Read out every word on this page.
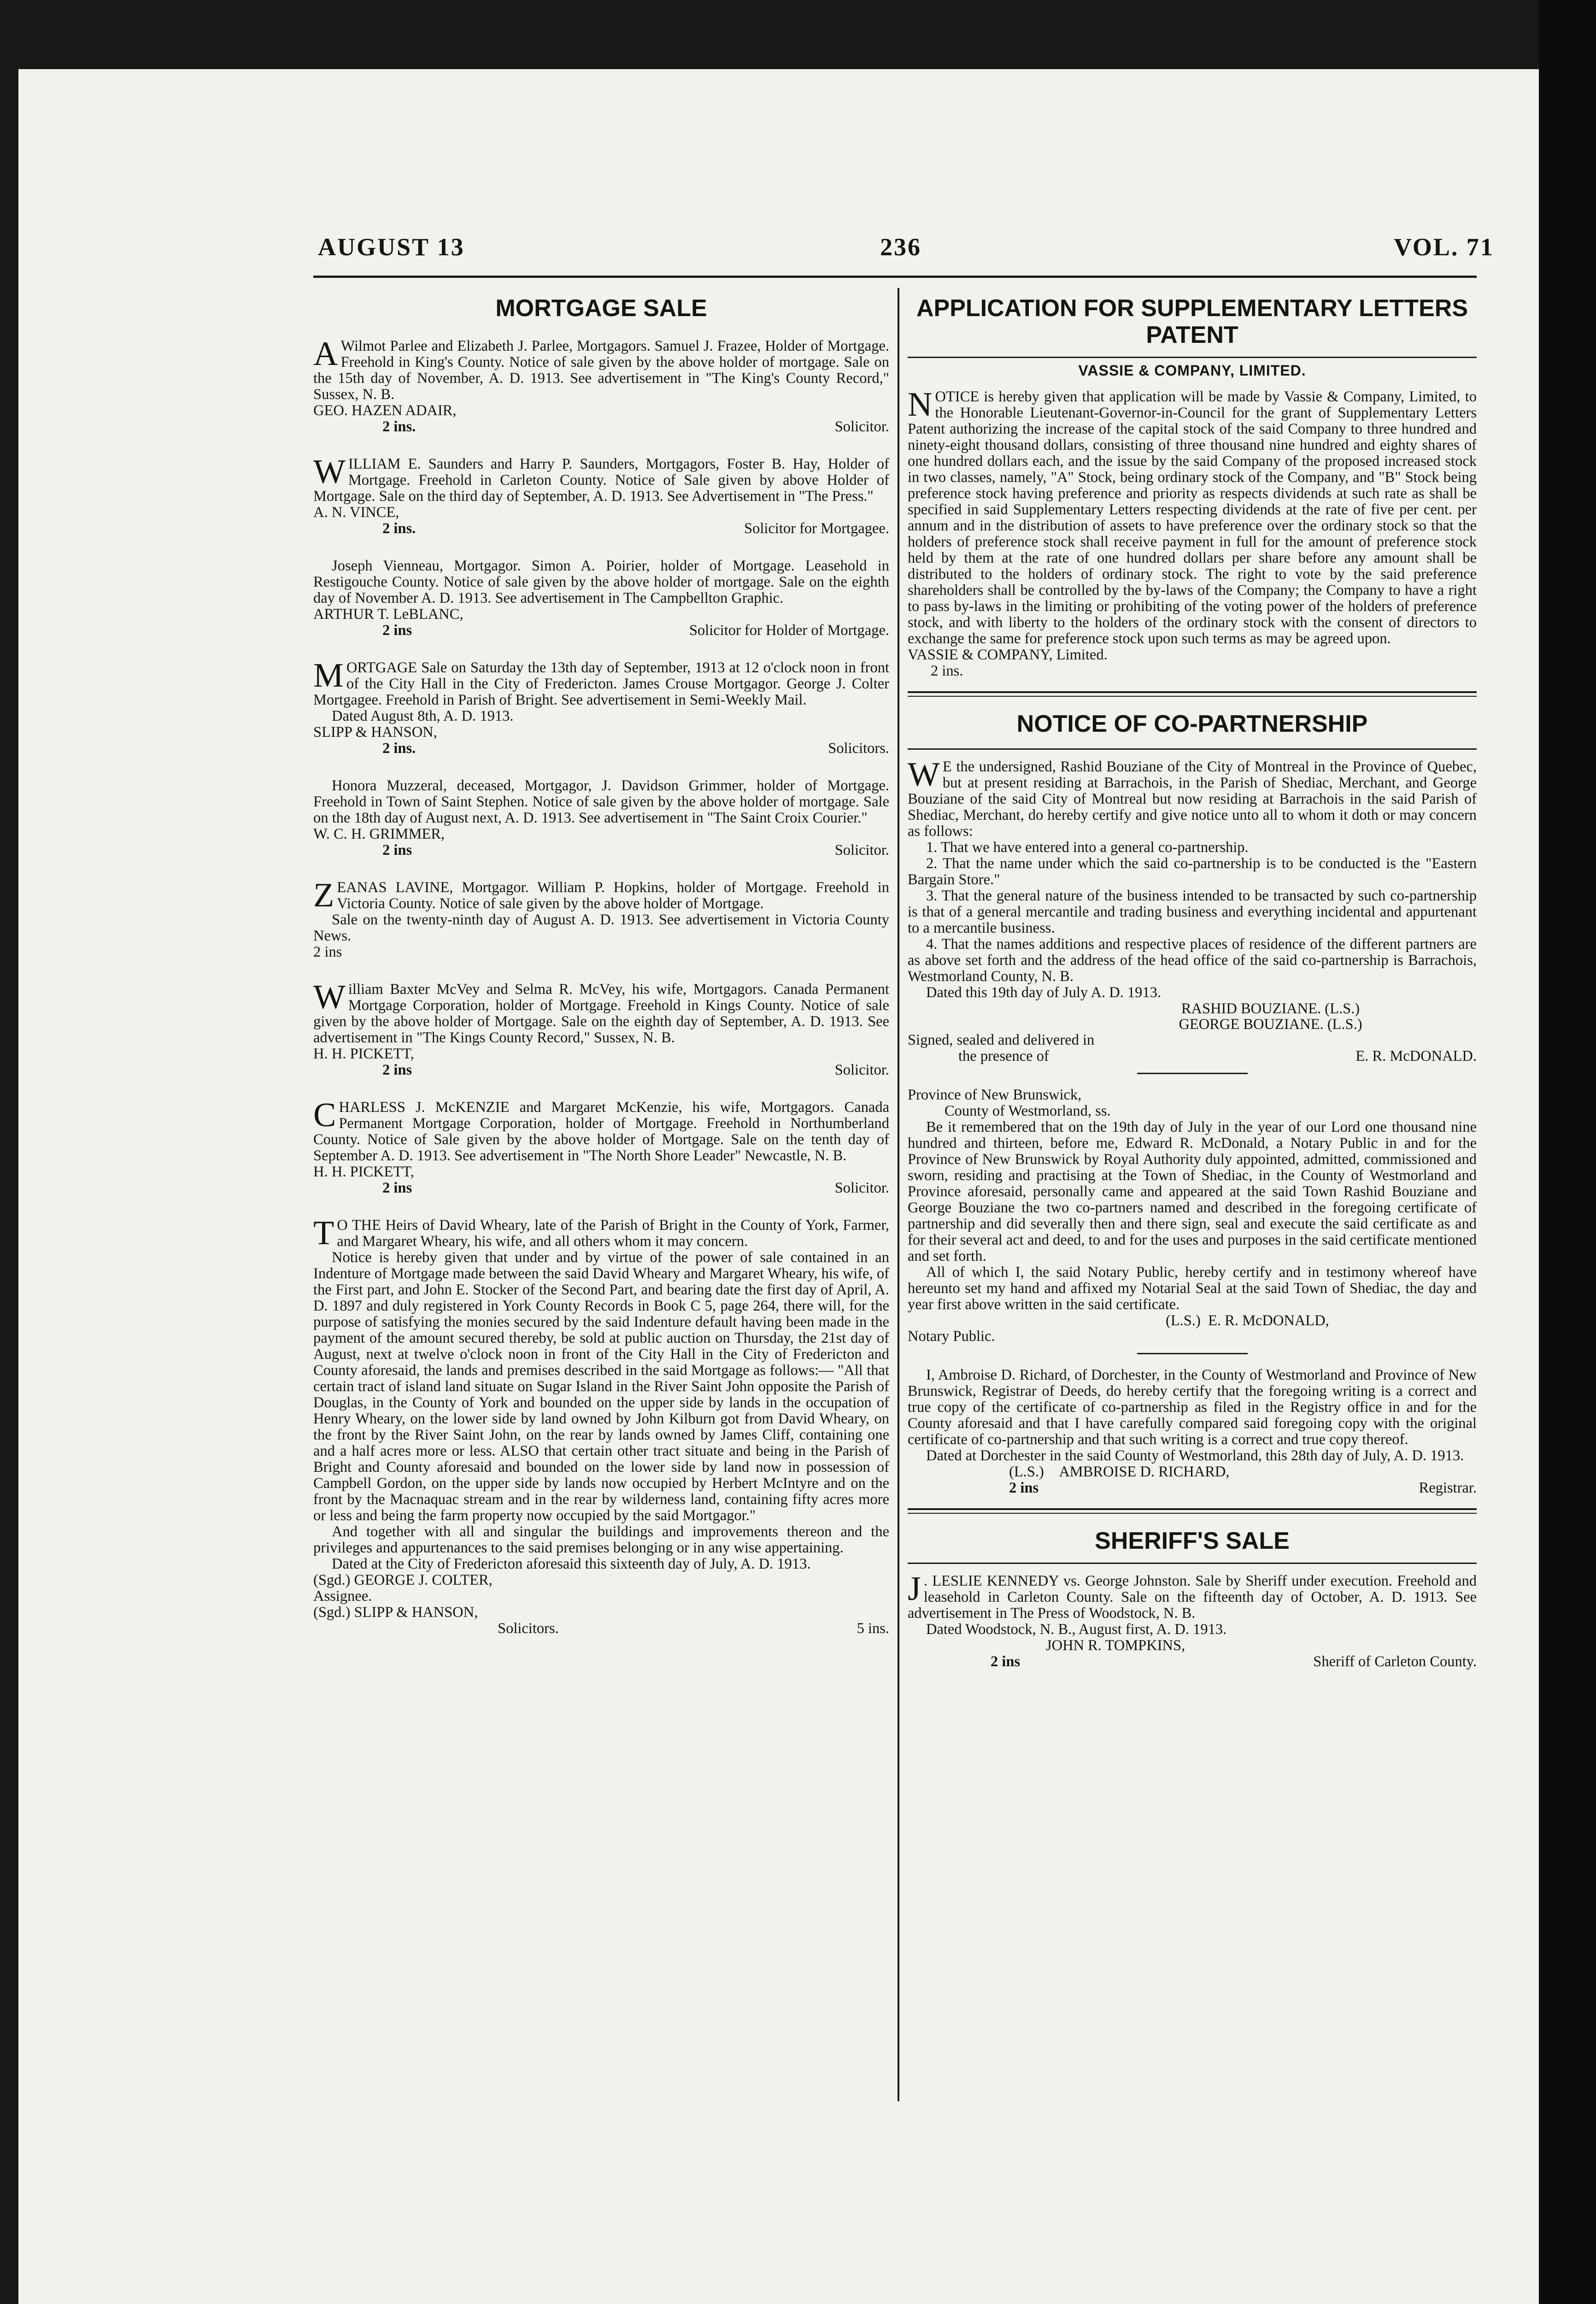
AUGUST 13	236	VOL. 71
MORTGAGE SALE

A Wilmot Parlee and Elizabeth J. Parlee, Mortgagors. Samuel J. Frazee, Holder of Mortgage. Freehold in King's County. Notice of sale given by the above holder of mortgage. Sale on the 15th day of November, A. D. 1913. See advertisement in "The King's County Record," Sussex, N. B.

GEO. HAZEN ADAIR,

2 ins.	Solicitor.

WILLIAM E. Saunders and Harry P. Saunders, Mortgagors, Foster B. Hay, Holder of Mortgage. Freehold in Carleton County. Notice of Sale given by above Holder of Mortgage. Sale on the third day of September, A. D. 1913. See Advertisement in "The Press."

A. N. VINCE,

2 ins.	Solicitor for Mortgagee.

Joseph Vienneau, Mortgagor. Simon A. Poirier, holder of Mortgage. Leasehold in Restigouche County. Notice of sale given by the above holder of mortgage. Sale on the eighth day of November A. D. 1913. See advertisement in The Campbellton Graphic.

ARTHUR T. LeBLANC,

2 ins	Solicitor for Holder of Mortgage.

MORTGAGE Sale on Saturday the 13th day of September, 1913 at 12 o'clock noon in front of the City Hall in the City of Fredericton. James Crouse Mortgagor. George J. Colter Mortgagee. Freehold in Parish of Bright. See advertisement in Semi-Weekly Mail.

Dated August 8th, A. D. 1913.

SLIPP & HANSON,

2 ins.	Solicitors.

Honora Muzzeral, deceased, Mortgagor, J. Davidson Grimmer, holder of Mortgage. Freehold in Town of Saint Stephen. Notice of sale given by the above holder of mortgage. Sale on the 18th day of August next, A. D. 1913. See advertisement in "The Saint Croix Courier."

W. C. H. GRIMMER,

2 ins	Solicitor.

ZEANAS LAVINE, Mortgagor. William P. Hopkins, holder of Mortgage. Freehold in Victoria County. Notice of sale given by the above holder of Mortgage.

Sale on the twenty-ninth day of August A. D. 1913. See advertisement in Victoria County News.

2 ins

William Baxter McVey and Selma R. McVey, his wife, Mortgagors. Canada Permanent Mortgage Corporation, holder of Mortgage. Freehold in Kings County. Notice of sale given by the above holder of Mortgage. Sale on the eighth day of September, A. D. 1913. See advertisement in "The Kings County Record," Sussex, N. B.

H. H. PICKETT,

2 ins	Solicitor.

CHARLESS J. McKENZIE and Margaret McKenzie, his wife, Mortgagors. Canada Permanent Mortgage Corporation, holder of Mortgage. Freehold in Northumberland County. Notice of Sale given by the above holder of Mortgage. Sale on the tenth day of September A. D. 1913. See advertisement in "The North Shore Leader" Newcastle, N. B.

H. H. PICKETT,

2 ins	Solicitor.

T O THE Heirs of David Wheary, late of the Parish of Bright in the County of York, Farmer, and Margaret Wheary, his wife, and all others whom it may concern.

Notice is hereby given that under and by virtue of the power of sale contained in an Indenture of Mortgage made between the said David Wheary and Margaret Wheary, his wife, of the First part, and John E. Stocker of the Second Part, and bearing date the first day of April, A. D. 1897 and duly registered in York County Records in Book C 5, page 264, there will, for the purpose of satisfying the monies secured by the said Indenture default having been made in the payment of the amount secured thereby, be sold at public auction on Thursday, the 21st day of August, next at twelve o'clock noon in front of the City Hall in the City of Fredericton and County aforesaid, the lands and premises described in the said Mortgage as follows:— "All that certain tract of island land situate on Sugar Island in the River Saint John opposite the Parish of Douglas, in the County of York and bounded on the upper side by lands in the occupation of Henry Wheary, on the lower side by land owned by John Kilburn got from David Wheary, on the front by the River Saint John, on the rear by lands owned by James Cliff, containing one and a half acres more or less. ALSO that certain other tract situate and being in the Parish of Bright and County aforesaid and bounded on the lower side by land now in possession of Campbell Gordon, on the upper side by lands now occupied by Herbert McIntyre and on the front by the Macnaquac stream and in the rear by wilderness land, containing fifty acres more or less and being the farm property now occupied by the said Mortgagor."

And together with all and singular the buildings and improvements thereon and the privileges and appurtenances to the said premises belonging or in any wise appertaining.

Dated at the City of Fredericton aforesaid this sixteenth day of July, A. D. 1913.

(Sgd.) GEORGE J. COLTER,

Assignee.

(Sgd.) SLIPP & HANSON,

Solicitors.	5 ins.
APPLICATION FOR SUPPLEMENTARY LETTERS PATENT
VASSIE & COMPANY, LIMITED.

NOTICE is hereby given that application will be made by Vassie & Company, Limited, to the Honorable Lieutenant-Governor-in-Council for the grant of Supplementary Letters Patent authorizing the increase of the capital stock of the said Company to three hundred and ninety-eight thousand dollars, consisting of three thousand nine hundred and eighty shares of one hundred dollars each, and the issue by the said Company of the proposed increased stock in two classes, namely, "A" Stock, being ordinary stock of the Company, and "B" Stock being preference stock having preference and priority as respects dividends at such rate as shall be specified in said Supplementary Letters respecting dividends at the rate of five per cent. per annum and in the distribution of assets to have preference over the ordinary stock so that the holders of preference stock shall receive payment in full for the amount of preference stock held by them at the rate of one hundred dollars per share before any amount shall be distributed to the holders of ordinary stock. The right to vote by the said preference shareholders shall be controlled by the by-laws of the Company; the Company to have a right to pass by-laws in the limiting or prohibiting of the voting power of the holders of preference stock, and with liberty to the holders of the ordinary stock with the consent of directors to exchange the same for preference stock upon such terms as may be agreed upon.

VASSIE & COMPANY, Limited.

2 ins.

NOTICE OF CO-PARTNERSHIP

W E the undersigned, Rashid Bouziane of the City of Montreal in the Province of Quebec, but at present residing at Barrachois, in the Parish of Shediac, Merchant, and George Bouziane of the said City of Montreal but now residing at Barrachois in the said Parish of Shediac, Merchant, do hereby certify and give notice unto all to whom it doth or may concern as follows:

1. That we have entered into a general co-partnership.

2. That the name under which the said co-partnership is to be conducted is the "Eastern Bargain Store."

3. That the general nature of the business intended to be transacted by such co-partnership is that of a general mercantile and trading business and everything incidental and appurtenant to a mercantile business.

4. That the names additions and respective places of residence of the different partners are as above set forth and the address of the head office of the said co-partnership is Barrachois, Westmorland County, N. B.

Dated this 19th day of July A. D. 1913.

RASHID BOUZIANE. (L.S.)
GEORGE BOUZIANE. (L.S.)

Signed, sealed and delivered in

the presence of	E. R. McDONALD.

Province of New Brunswick,

County of Westmorland, ss.

Be it remembered that on the 19th day of July in the year of our Lord one thousand nine hundred and thirteen, before me, Edward R. McDonald, a Notary Public in and for the Province of New Brunswick by Royal Authority duly appointed, admitted, commissioned and sworn, residing and practising at the Town of Shediac, in the County of Westmorland and Province aforesaid, personally came and appeared at the said Town Rashid Bouziane and George Bouziane the two co-partners named and described in the foregoing certificate of partnership and did severally then and there sign, seal and execute the said certificate as and for their several act and deed, to and for the uses and purposes in the said certificate mentioned and set forth.

All of which I, the said Notary Public, hereby certify and in testimony whereof have hereunto set my hand and affixed my Notarial Seal at the said Town of Shediac, the day and year first above written in the said certificate.

(L.S.) E. R. McDONALD,

Notary Public.

I, Ambroise D. Richard, of Dorchester, in the County of Westmorland and Province of New Brunswick, Registrar of Deeds, do hereby certify that the foregoing writing is a correct and true copy of the certificate of co-partnership as filed in the Registry office in and for the County aforesaid and that I have carefully compared said foregoing copy with the original certificate of co-partnership and that such writing is a correct and true copy thereof.

Dated at Dorchester in the said County of Westmorland, this 28th day of July, A. D. 1913.

(L.S.) AMBROISE D. RICHARD,
2 ins	Registrar.
SHERIFF'S SALE

J . LESLIE KENNEDY vs. George Johnston. Sale by Sheriff under execution. Freehold and leasehold in Carleton County. Sale on the fifteenth day of October, A. D. 1913. See advertisement in The Press of Woodstock, N. B.

Dated Woodstock, N. B., August first, A. D. 1913.

JOHN R. TOMPKINS,

2 ins	Sheriff of Carleton County.
